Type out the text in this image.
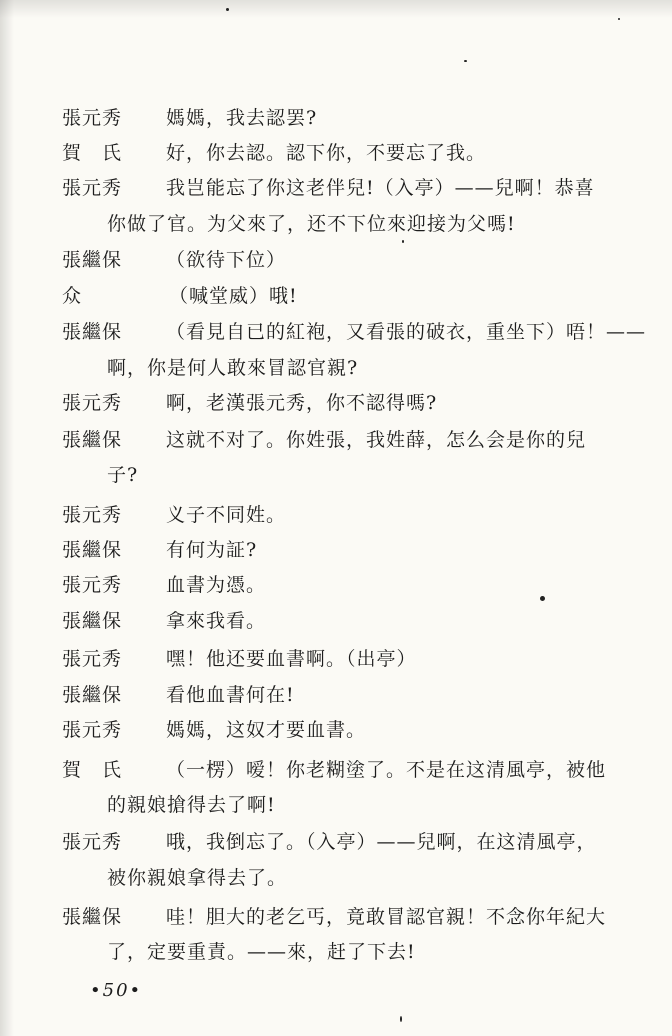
張元秀 媽媽，我去認罢?
賀　氏 好，你去認。認下你，不要忘了我。
張元秀 我岂能忘了你这老伴兒!（入亭）——兒啊！恭喜
你做了官。为父來了，还不下位來迎接为父嗎!
張繼保 （欲待下位）
众	（喊堂威）哦!
張繼保 （看見自已的紅袍，又看張的破衣，重坐下）唔！——
啊，你是何人敢來冒認官親?
張元秀 啊，老漢張元秀，你不認得嗎?
張繼保 这就不对了。你姓張，我姓薛，怎么会是你的兒
子?
張元秀 义子不同姓。
張繼保 有何为証?
張元秀 血書为憑。
張繼保 拿來我看。
張元秀 嘿！他还要血書啊。（出亭）
張繼保 看他血書何在!
張元秀 媽媽，这奴才要血書。
賀　氏 （一楞）嗳！你老糊塗了。不是在这清風亭，被他
的親娘搶得去了啊!
張元秀 哦，我倒忘了。（入亭）——兒啊，在这清風亭，
被你親娘拿得去了。
張繼保 哇！胆大的老乞丐，竟敢冒認官親！不念你年紀大
了，定要重責。——來，赶了下去!
•50•
